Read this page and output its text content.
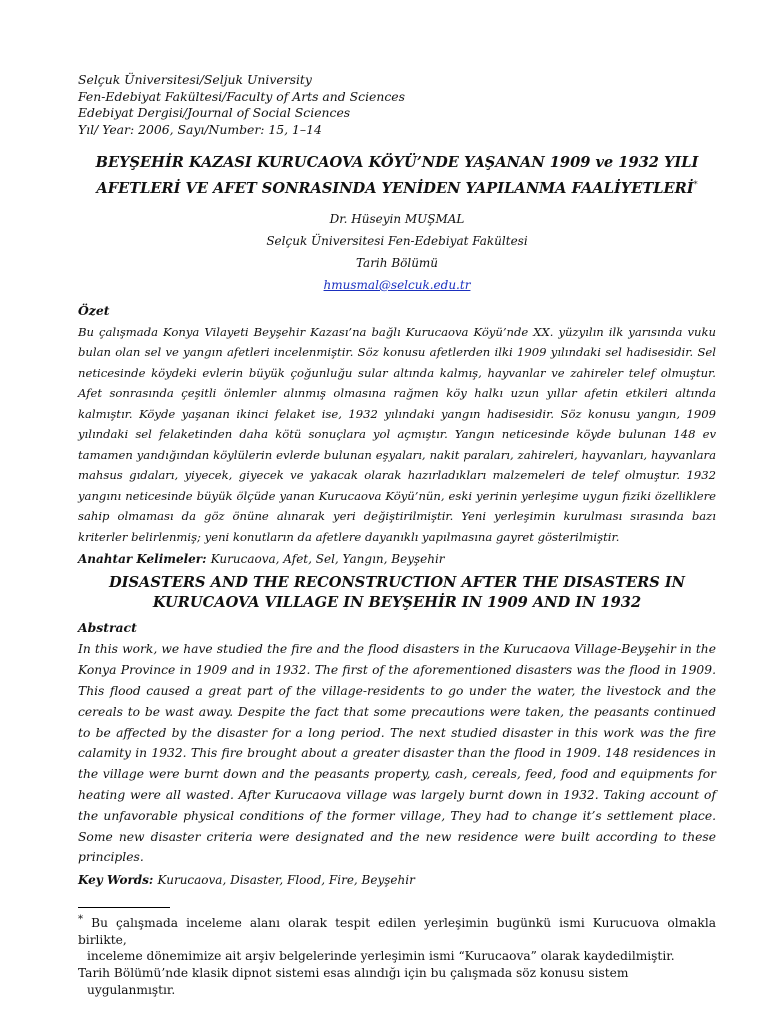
Selçuk Üniversitesi/Seljuk University
Fen-Edebiyat Fakültesi/Faculty of Arts and Sciences
Edebiyat Dergisi/Journal of Social Sciences
Yıl/ Year: 2006, Sayı/Number: 15, 1–14
BEYŞEHİR KAZASI KURUCAOVA KÖYÜ’NDE YAŞANAN 1909 ve 1932 YILI
AFETLERİ VE AFET SONRASINDA YENİDEN YAPILANMA FAALİYETLERİ*
Dr. Hüseyin MUŞMAL
Selçuk Üniversitesi Fen-Edebiyat Fakültesi
Tarih Bölümü
hmusmal@selcuk.edu.tr
Özet
Bu çalışmada Konya Vilayeti Beyşehir Kazası’na bağlı Kurucaova Köyü’nde XX. yüzyılın ilk yarısında vuku bulan olan sel ve yangın afetleri incelenmiştir. Söz konusu afetlerden ilki 1909 yılındaki sel hadisesidir. Sel neticesinde köydeki evlerin büyük çoğunluğu sular altında kalmış, hayvanlar ve zahireler telef olmuştur. Afet sonrasında çeşitli önlemler alınmış olmasına rağmen köy halkı uzun yıllar afetin etkileri altında kalmıştır. Köyde yaşanan ikinci felaket ise, 1932 yılındaki yangın hadisesidir. Söz konusu yangın, 1909 yılındaki sel felaketinden daha kötü sonuçlara yol açmıştır. Yangın neticesinde köyde bulunan 148 ev tamamen yandığından köylülerin evlerde bulunan eşyaları, nakit paraları, zahireleri, hayvanları, hayvanlara mahsus gıdaları, yiyecek, giyecek ve yakacak olarak hazırladıkları malzemeleri de telef olmuştur. 1932 yangını neticesinde büyük ölçüde yanan Kurucaova Köyü’nün, eski yerinin yerleşime uygun fiziki özelliklere sahip olmaması da göz önüne alınarak yeri değiştirilmiştir. Yeni yerleşimin kurulması sırasında bazı kriterler belirlenmiş; yeni konutların da afetlere dayanıklı yapılmasına gayret gösterilmiştir.
Anahtar Kelimeler: Kurucaova, Afet, Sel, Yangın, Beyşehir
DISASTERS AND THE RECONSTRUCTION AFTER THE DISASTERS IN
KURUCAOVA VILLAGE IN BEYŞEHİR IN 1909 AND IN 1932
Abstract
In this work, we have studied the fire and the flood disasters in the Kurucaova Village-Beyşehir in the Konya Province in 1909 and in 1932. The first of the aforementioned disasters was the flood in 1909. This flood caused a great part of the village-residents to go under the water, the livestock and the cereals to be wast away. Despite the fact that some precautions were taken, the peasants continued to be affected by the disaster for a long period. The next studied disaster in this work was the fire calamity in 1932. This fire brought about a greater disaster than the flood in 1909. 148 residences in the village were burnt down and the peasants property, cash, cereals, feed, food and equipments for heating were all wasted. After Kurucaova village was largely burnt down in 1932. Taking account of the unfavorable physical conditions of the former village, They had to change it’s settlement place. Some new disaster criteria were designated and the new residence were built according to these principles.
Key Words: Kurucaova, Disaster, Flood, Fire, Beyşehir
* Bu çalışmada inceleme alanı olarak tespit edilen yerleşimin bugünkü ismi Kurucuova olmakla birlikte,
inceleme dönemimize ait arşiv belgelerinde yerleşimin ismi “Kurucaova” olarak kaydedilmiştir.
Tarih Bölümü’nde klasik dipnot sistemi esas alındığı için bu çalışmada söz konusu sistem
uygulanmıştır.
